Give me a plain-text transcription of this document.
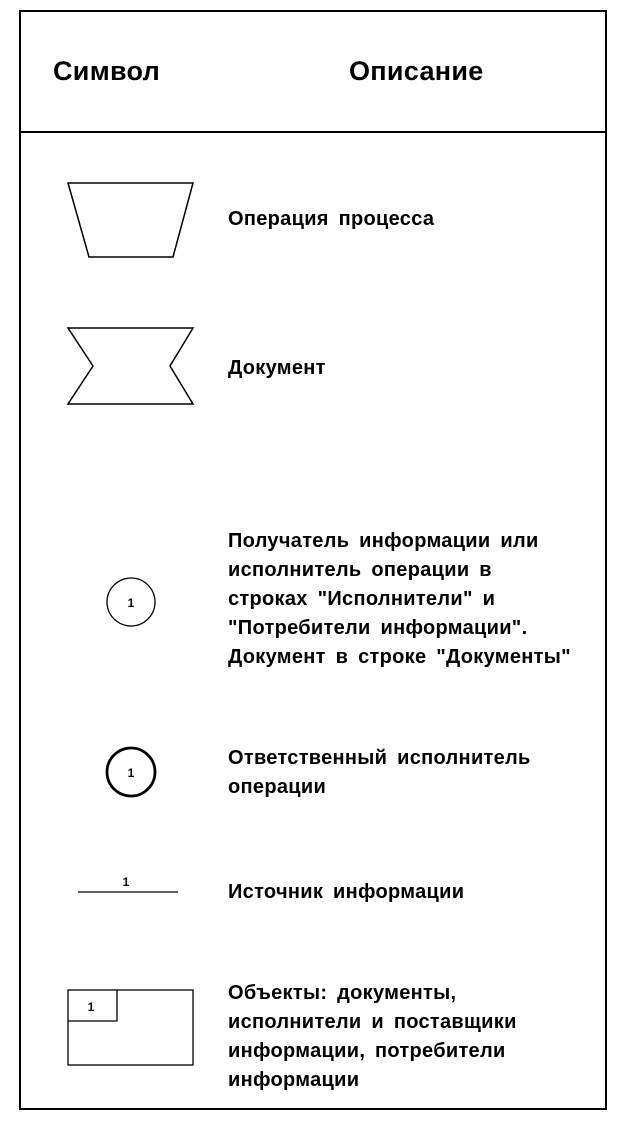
Символ	Описание
Операция процесса
Документ
1
Получатель информации или
исполнитель операции в
строках "Исполнители" и
"Потребители информации".
Документ в строке "Документы"
1
Ответственный исполнитель
операции
1	Источник информации
1
Объекты: документы,
исполнители и поставщики
информации, потребители
информации
